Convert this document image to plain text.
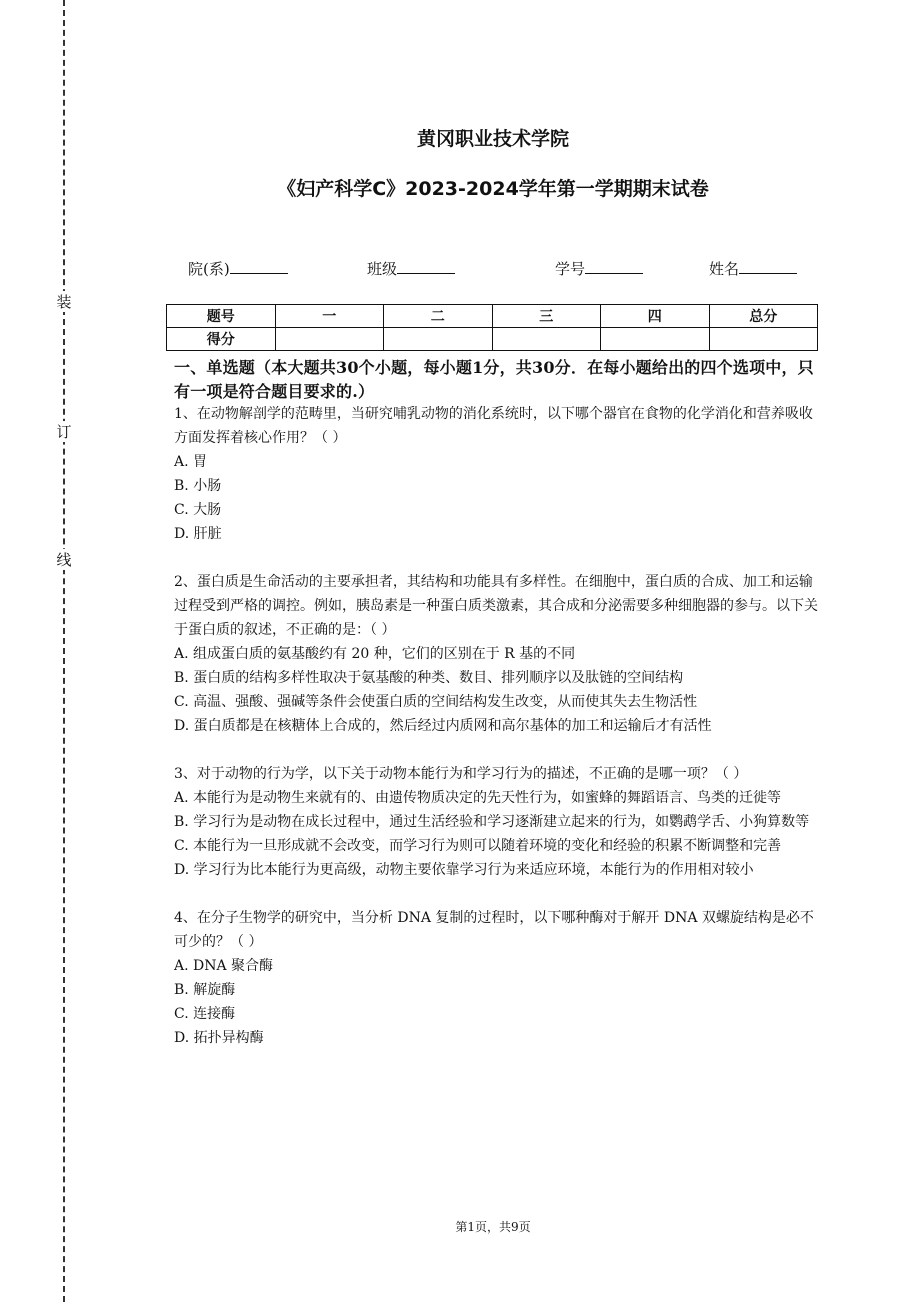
装
订
线
黄冈职业技术学院
《妇产科学C》2023-2024学年第一学期期末试卷
院(系)	班级	学号	姓名
题号	一	二	三	四	总分
得分					
一、单选题（本大题共30个小题，每小题1分，共30分．在每小题给出的四个选项中，只有一项是符合题目要求的.）

1、在动物解剖学的范畴里，当研究哺乳动物的消化系统时，以下哪个器官在食物的化学消化和营养吸收方面发挥着核心作用？（ ）

A. 胃

B. 小肠

C. 大肠

D. 肝脏

2、蛋白质是生命活动的主要承担者，其结构和功能具有多样性。在细胞中，蛋白质的合成、加工和运输过程受到严格的调控。例如，胰岛素是一种蛋白质类激素，其合成和分泌需要多种细胞器的参与。以下关于蛋白质的叙述，不正确的是：（ ）

A. 组成蛋白质的氨基酸约有 20 种，它们的区别在于 R 基的不同

B. 蛋白质的结构多样性取决于氨基酸的种类、数目、排列顺序以及肽链的空间结构

C. 高温、强酸、强碱等条件会使蛋白质的空间结构发生改变，从而使其失去生物活性

D. 蛋白质都是在核糖体上合成的，然后经过内质网和高尔基体的加工和运输后才有活性

3、对于动物的行为学，以下关于动物本能行为和学习行为的描述，不正确的是哪一项？（ ）

A. 本能行为是动物生来就有的、由遗传物质决定的先天性行为，如蜜蜂的舞蹈语言、鸟类的迁徙等

B. 学习行为是动物在成长过程中，通过生活经验和学习逐渐建立起来的行为，如鹦鹉学舌、小狗算数等

C. 本能行为一旦形成就不会改变，而学习行为则可以随着环境的变化和经验的积累不断调整和完善

D. 学习行为比本能行为更高级，动物主要依靠学习行为来适应环境，本能行为的作用相对较小

4、在分子生物学的研究中，当分析 DNA 复制的过程时，以下哪种酶对于解开 DNA 双螺旋结构是必不可少的？（ ）

A. DNA 聚合酶

B. 解旋酶

C. 连接酶

D. 拓扑异构酶

第1页，共9页
